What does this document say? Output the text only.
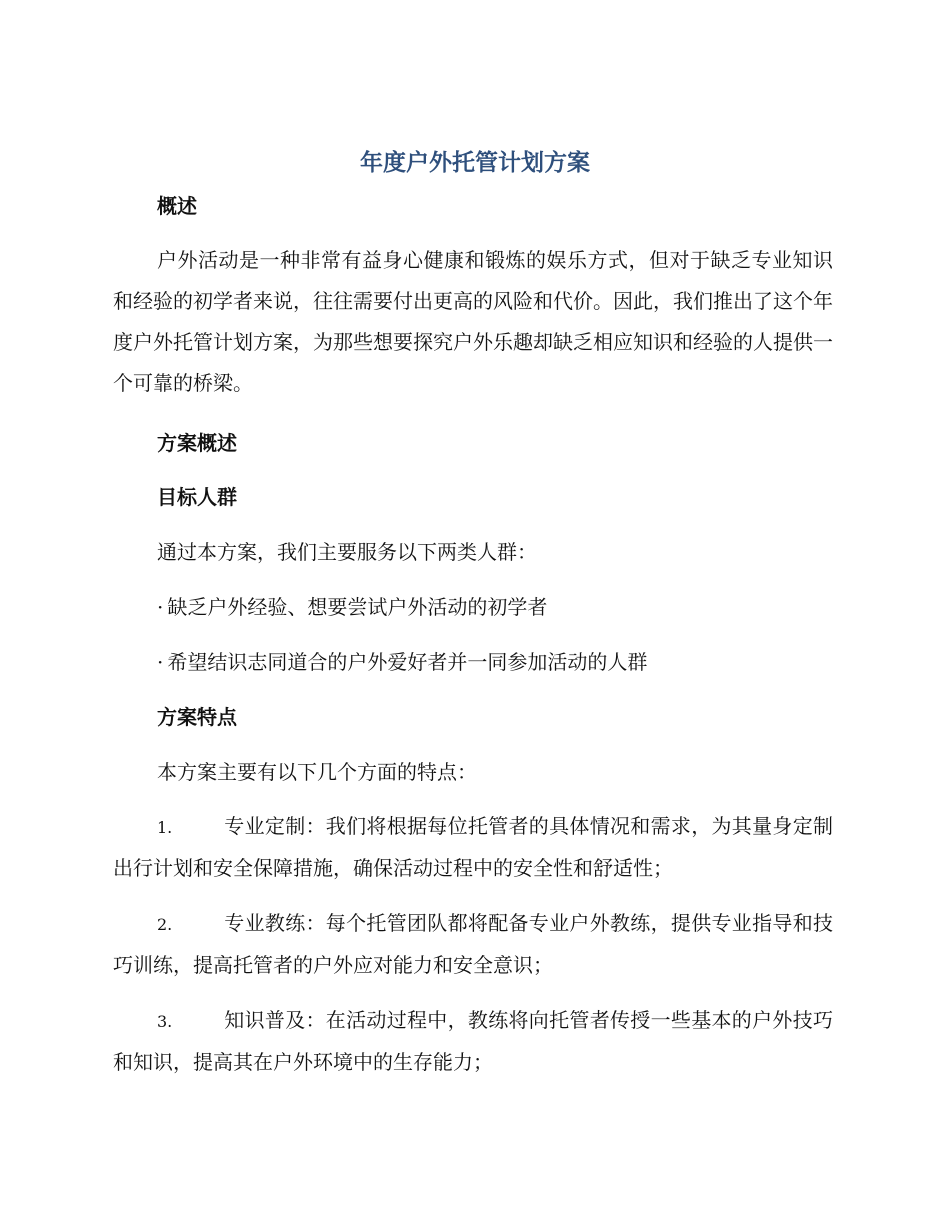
年度户外托管计划方案
概述

户外活动是一种非常有益身心健康和锻炼的娱乐方式，但对于缺乏专业知识和经验的初学者来说，往往需要付出更高的风险和代价。因此，我们推出了这个年度户外托管计划方案，为那些想要探究户外乐趣却缺乏相应知识和经验的人提供一个可靠的桥梁。

方案概述
目标人群
通过本方案，我们主要服务以下两类人群：
· 缺乏户外经验、想要尝试户外活动的初学者
· 希望结识志同道合的户外爱好者并一同参加活动的人群
方案特点
本方案主要有以下几个方面的特点：
1.	专业定制：我们将根据每位托管者的具体情况和需求，为其量身定制出行计划和安全保障措施，确保活动过程中的安全性和舒适性；
2.	专业教练：每个托管团队都将配备专业户外教练，提供专业指导和技巧训练，提高托管者的户外应对能力和安全意识；
3.	知识普及：在活动过程中，教练将向托管者传授一些基本的户外技巧和知识，提高其在户外环境中的生存能力；
